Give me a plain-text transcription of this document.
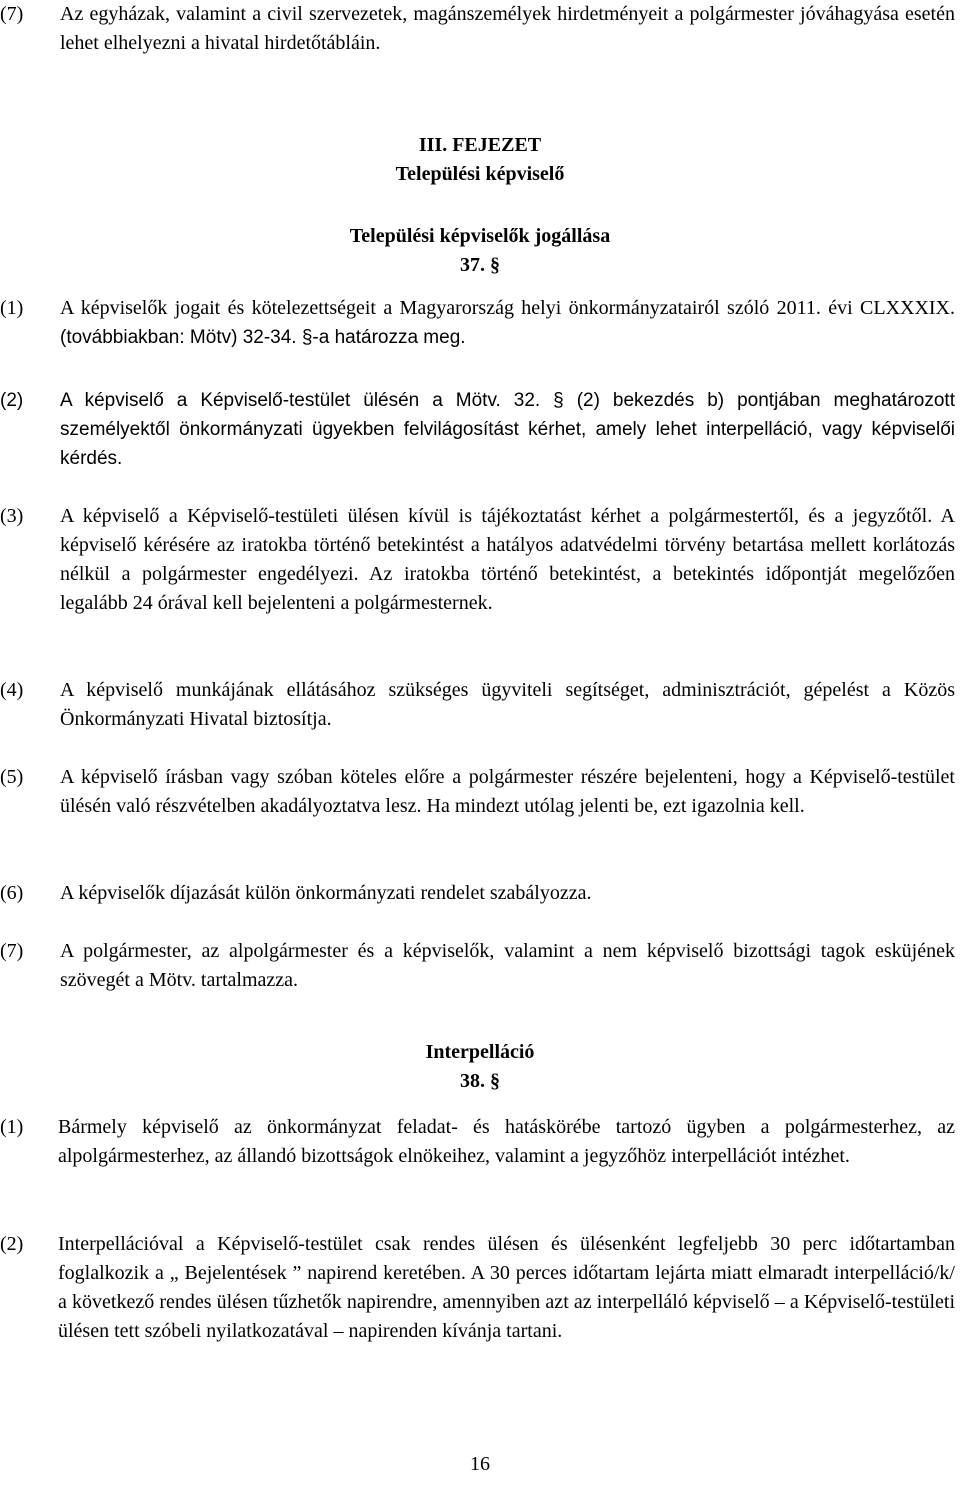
(7) Az egyházak, valamint a civil szervezetek, magánszemélyek hirdetményeit a polgármester jóváhagyása esetén lehet elhelyezni a hivatal hirdetőtábláin.
III. FEJEZET
Települési képviselő
Települési képviselők jogállása
37. §
(1) A képviselők jogait és kötelezettségeit a Magyarország helyi önkormányzatairól szóló 2011. évi CLXXXIX. (továbbiakban: Mötv) 32-34. §-a határozza meg.
(2) A képviselő a Képviselő-testület ülésén a Mötv. 32. § (2) bekezdés b) pontjában meghatározott személyektől önkormányzati ügyekben felvilágosítást kérhet, amely lehet interpelláció, vagy képviselői kérdés.
(3) A képviselő a Képviselő-testületi ülésen kívül is tájékoztatást kérhet a polgármestertől, és a jegyzőtől. A képviselő kérésére az iratokba történő betekintést a hatályos adatvédelmi törvény betartása mellett korlátozás nélkül a polgármester engedélyezi. Az iratokba történő betekintést, a betekintés időpontját megelőzően legalább 24 órával kell bejelenteni a polgármesternek.
(4) A képviselő munkájának ellátásához szükséges ügyviteli segítséget, adminisztrációt, gépelést a Közös Önkormányzati Hivatal biztosítja.
(5) A képviselő írásban vagy szóban köteles előre a polgármester részére bejelenteni, hogy a Képviselő-testület ülésén való részvételben akadályoztatva lesz. Ha mindezt utólag jelenti be, ezt igazolnia kell.
(6) A képviselők díjazását külön önkormányzati rendelet szabályozza.
(7) A polgármester, az alpolgármester és a képviselők, valamint a nem képviselő bizottsági tagok esküjének szövegét a Mötv. tartalmazza.
Interpelláció
38. §
(1) Bármely képviselő az önkormányzat feladat- és hatáskörébe tartozó ügyben a polgármesterhez, az alpolgármesterhez, az állandó bizottságok elnökeihez, valamint a jegyzőhöz interpellációt intézhet.
(2) Interpellációval a Képviselő-testület csak rendes ülésen és ülésenként legfeljebb 30 perc időtartamban foglalkozik a „ Bejelentések ” napirend keretében. A 30 perces időtartam lejárta miatt elmaradt interpelláció/k/ a következő rendes ülésen tűzhetők napirendre, amennyiben azt az interpelláló képviselő – a Képviselő-testületi ülésen tett szóbeli nyilatkozatával – napirenden kívánja tartani.
16
